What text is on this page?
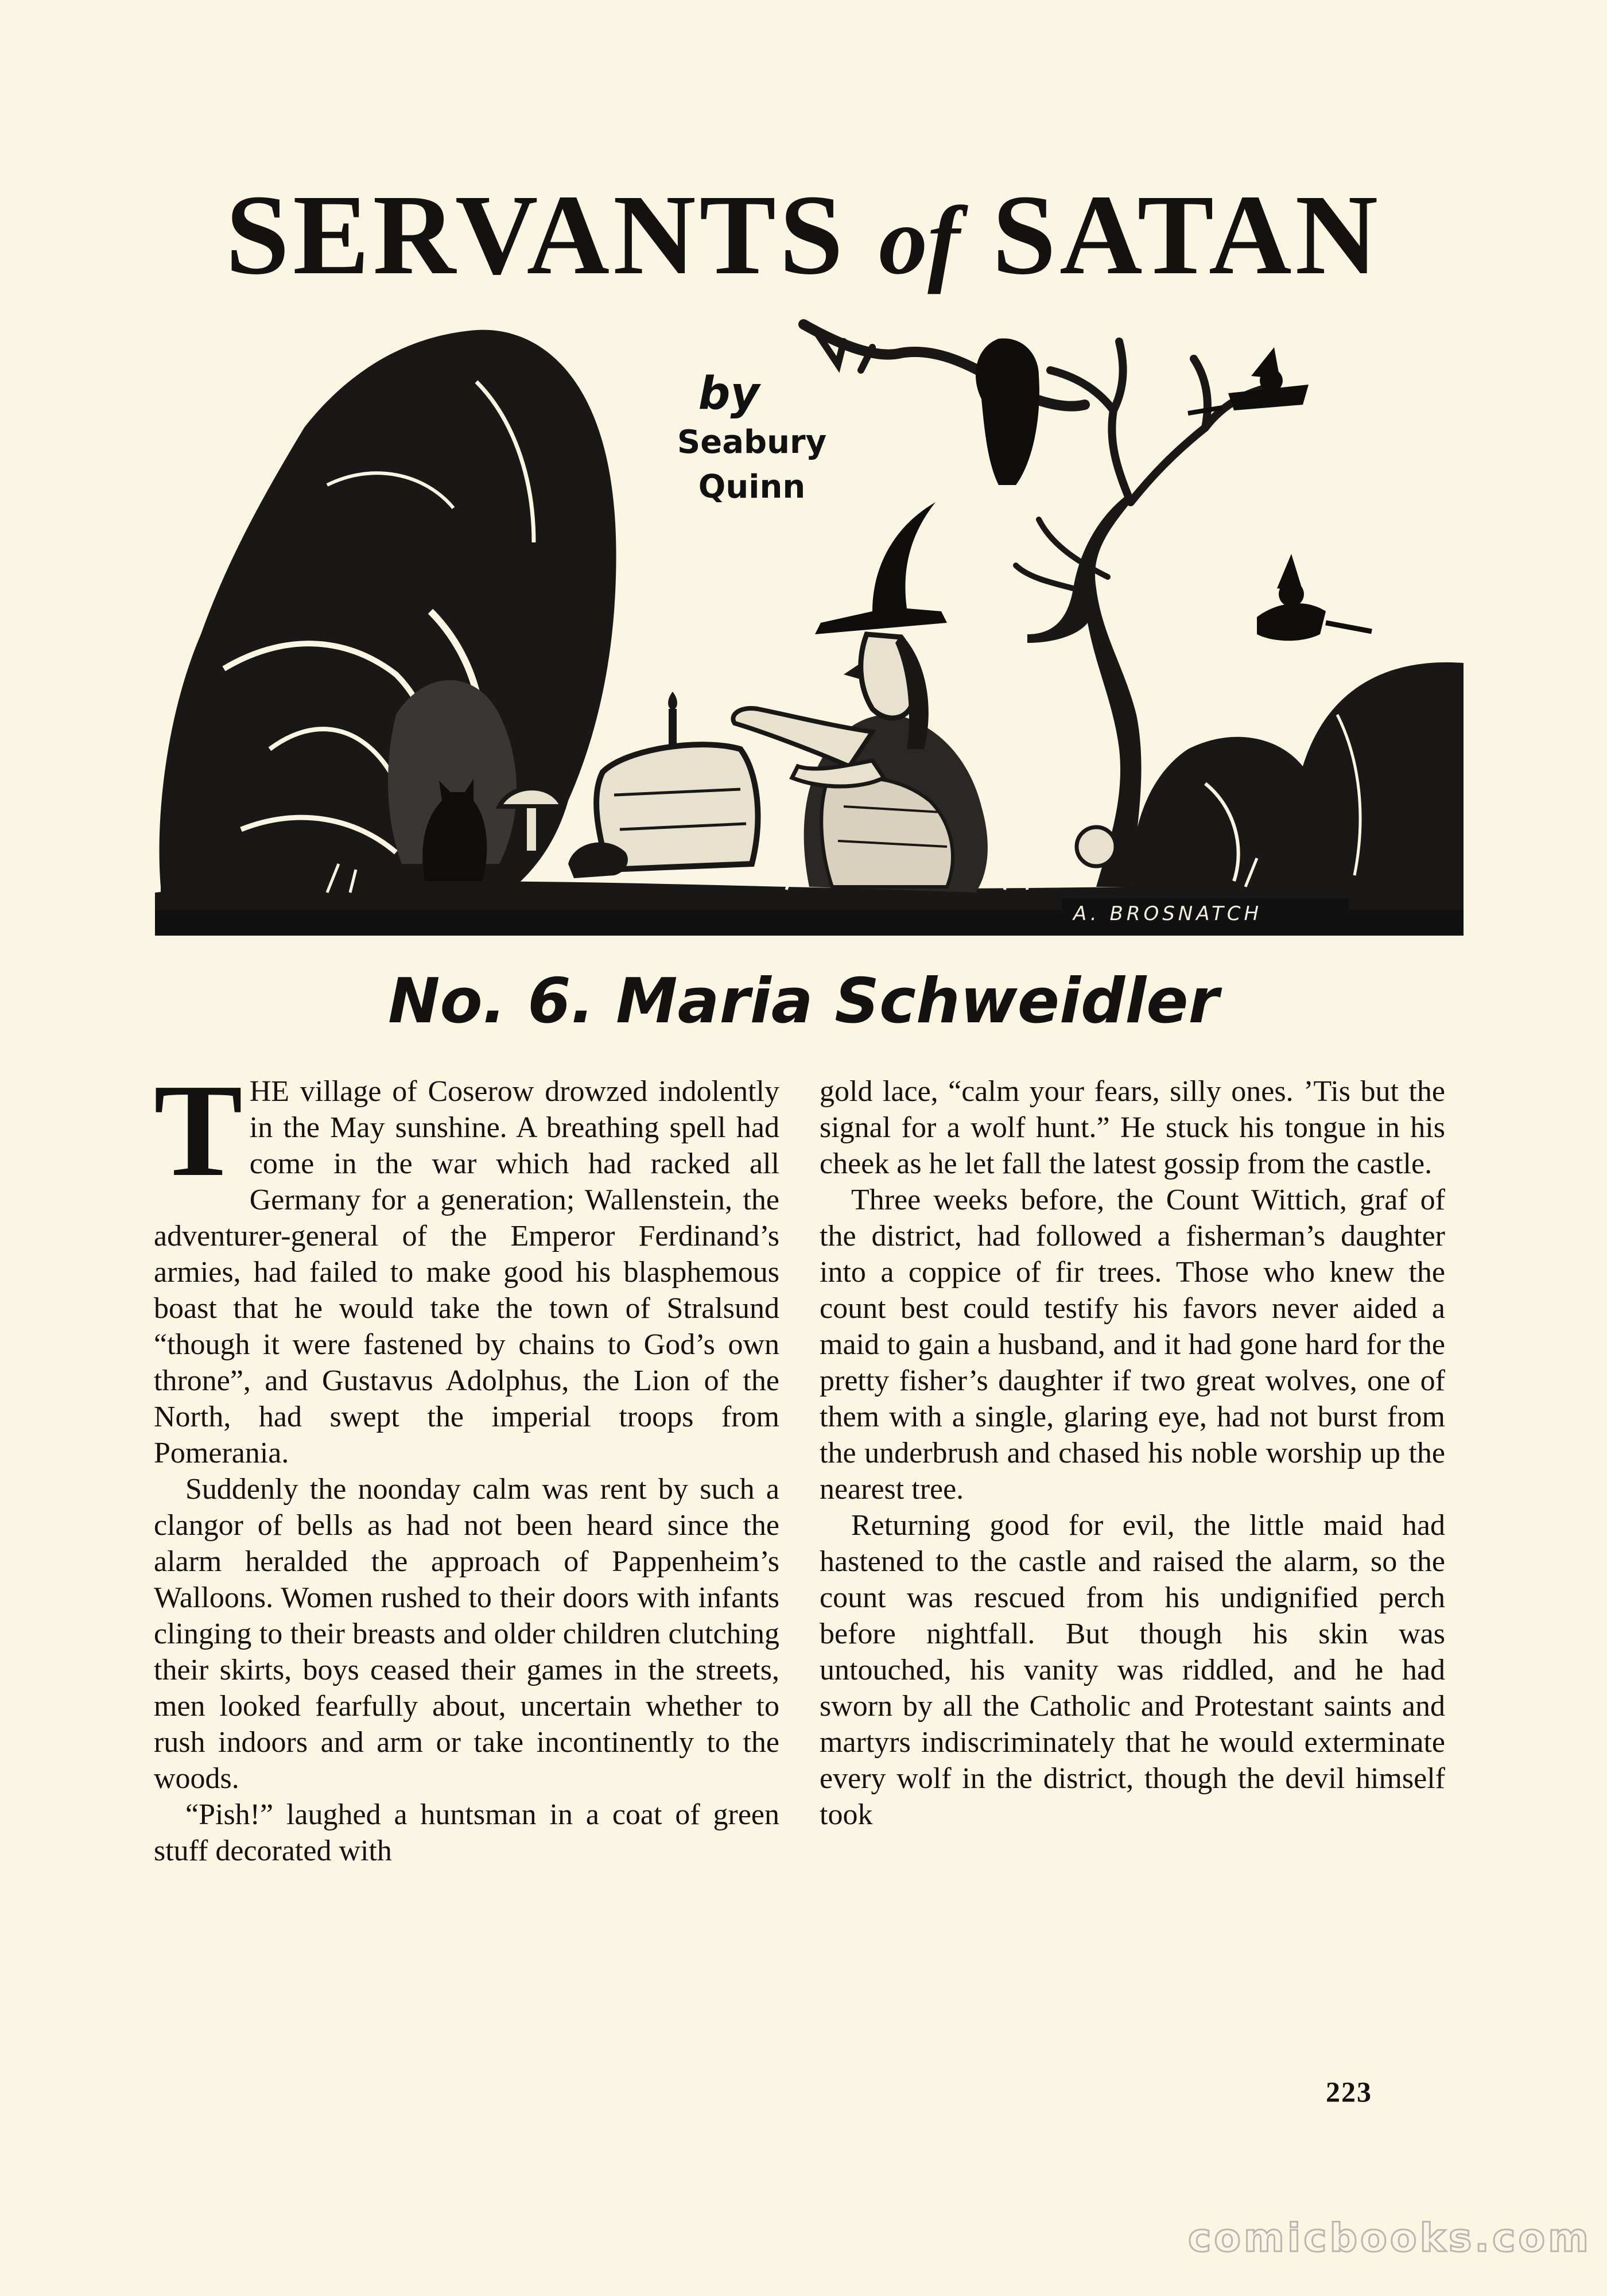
SERVANTS of SATAN
by
Seabury
Quinn
A. BROSNATCH
No. 6. Maria Schweidler

THE village of Coserow drowzed indolently in the May sunshine. A breathing spell had come in the war which had racked all Germany for a generation; Wallenstein, the adventurer-general of the Emperor Ferdinand’s armies, had failed to make good his blasphemous boast that he would take the town of Stralsund “though it were fastened by chains to God’s own throne”, and Gustavus Adolphus, the Lion of the North, had swept the imperial troops from Pomerania.

Suddenly the noonday calm was rent by such a clangor of bells as had not been heard since the alarm heralded the approach of Pappenheim’s Walloons. Women rushed to their doors with infants clinging to their breasts and older children clutching their skirts, boys ceased their games in the streets, men looked fearfully about, uncertain whether to rush indoors and arm or take incontinently to the woods.

“Pish!” laughed a huntsman in a coat of green stuff decorated with

gold lace, “calm your fears, silly ones. ’Tis but the signal for a wolf hunt.” He stuck his tongue in his cheek as he let fall the latest gossip from the castle.

Three weeks before, the Count Wittich, graf of the district, had followed a fisherman’s daughter into a coppice of fir trees. Those who knew the count best could testify his favors never aided a maid to gain a husband, and it had gone hard for the pretty fisher’s daughter if two great wolves, one of them with a single, glaring eye, had not burst from the underbrush and chased his noble worship up the nearest tree.

Returning good for evil, the little maid had hastened to the castle and raised the alarm, so the count was rescued from his undignified perch before nightfall. But though his skin was untouched, his vanity was riddled, and he had sworn by all the Catholic and Protestant saints and martyrs indiscriminately that he would exterminate every wolf in the district, though the devil himself took

223
comicbooks.com
